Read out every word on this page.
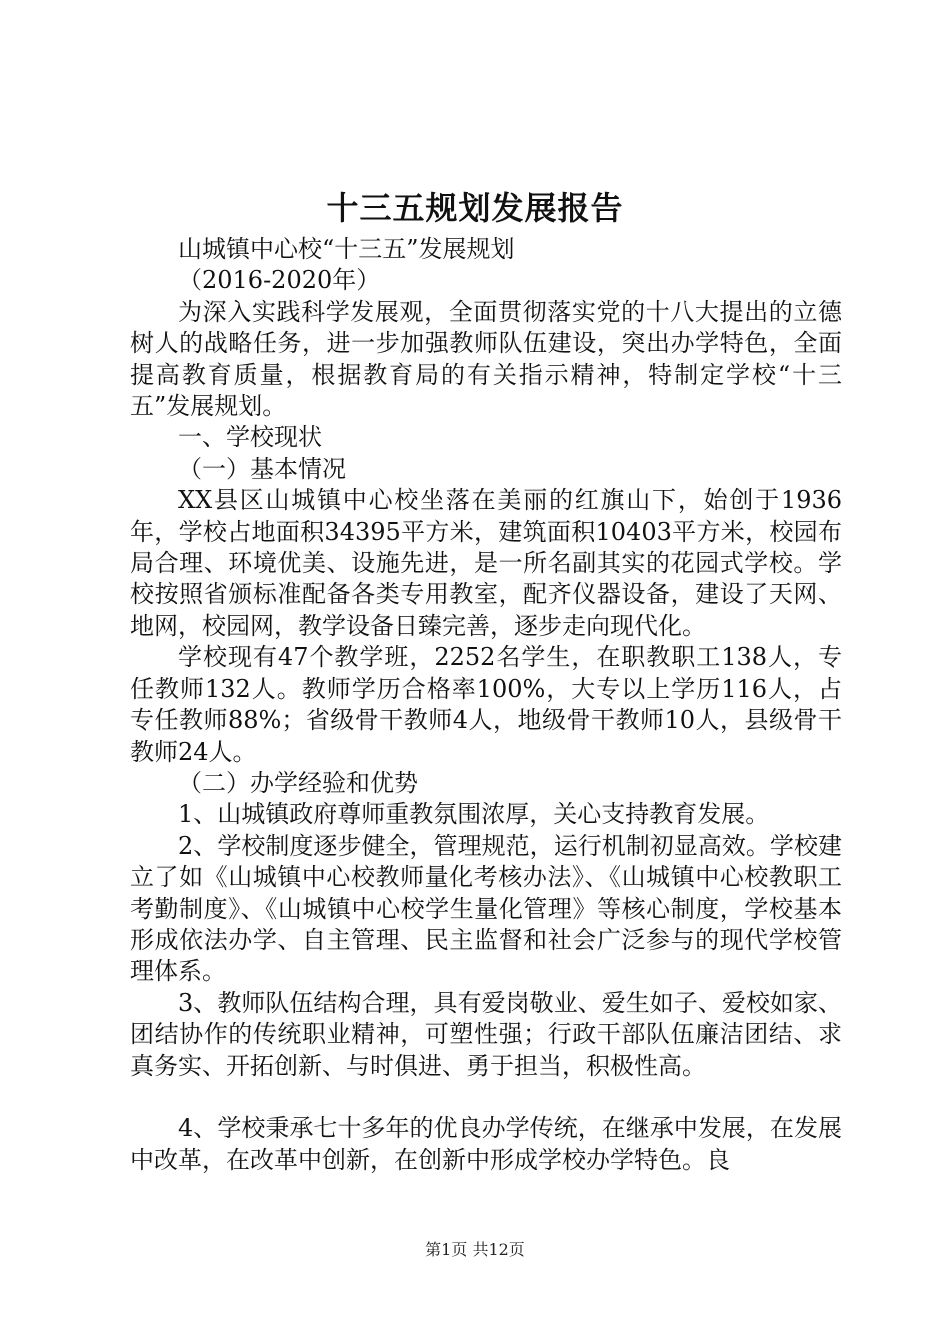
十三五规划发展报告

山城镇中心校“十三五”发展规划

（2016-2020年）

为深入实践科学发展观，全面贯彻落实党的十八大提出的立德树人的战略任务，进一步加强教师队伍建设，突出办学特色，全面提高教育质量，根据教育局的有关指示精神，特制定学校“十三五”发展规划。

一、学校现状

（一）基本情况

XX县区山城镇中心校坐落在美丽的红旗山下，始创于1936年，学校占地面积34395平方米，建筑面积10403平方米，校园布局合理、环境优美、设施先进，是一所名副其实的花园式学校。学校按照省颁标准配备各类专用教室，配齐仪器设备，建设了天网、地网，校园网，教学设备日臻完善，逐步走向现代化。

学校现有47个教学班，2252名学生，在职教职工138人，专任教师132人。教师学历合格率100%，大专以上学历116人，占专任教师88%；省级骨干教师4人，地级骨干教师10人，县级骨干教师24人。

（二）办学经验和优势

1、山城镇政府尊师重教氛围浓厚，关心支持教育发展。

2、学校制度逐步健全，管理规范，运行机制初显高效。学校建立了如《山城镇中心校教师量化考核办法》、《山城镇中心校教职工考勤制度》、《山城镇中心校学生量化管理》等核心制度，学校基本形成依法办学、自主管理、民主监督和社会广泛参与的现代学校管理体系。

3、教师队伍结构合理，具有爱岗敬业、爱生如子、爱校如家、团结协作的传统职业精神，可塑性强；行政干部队伍廉洁团结、求真务实、开拓创新、与时俱进、勇于担当，积极性高。

4、学校秉承七十多年的优良办学传统，在继承中发展，在发展中改革，在改革中创新，在创新中形成学校办学特色。良

第1页 共12页
